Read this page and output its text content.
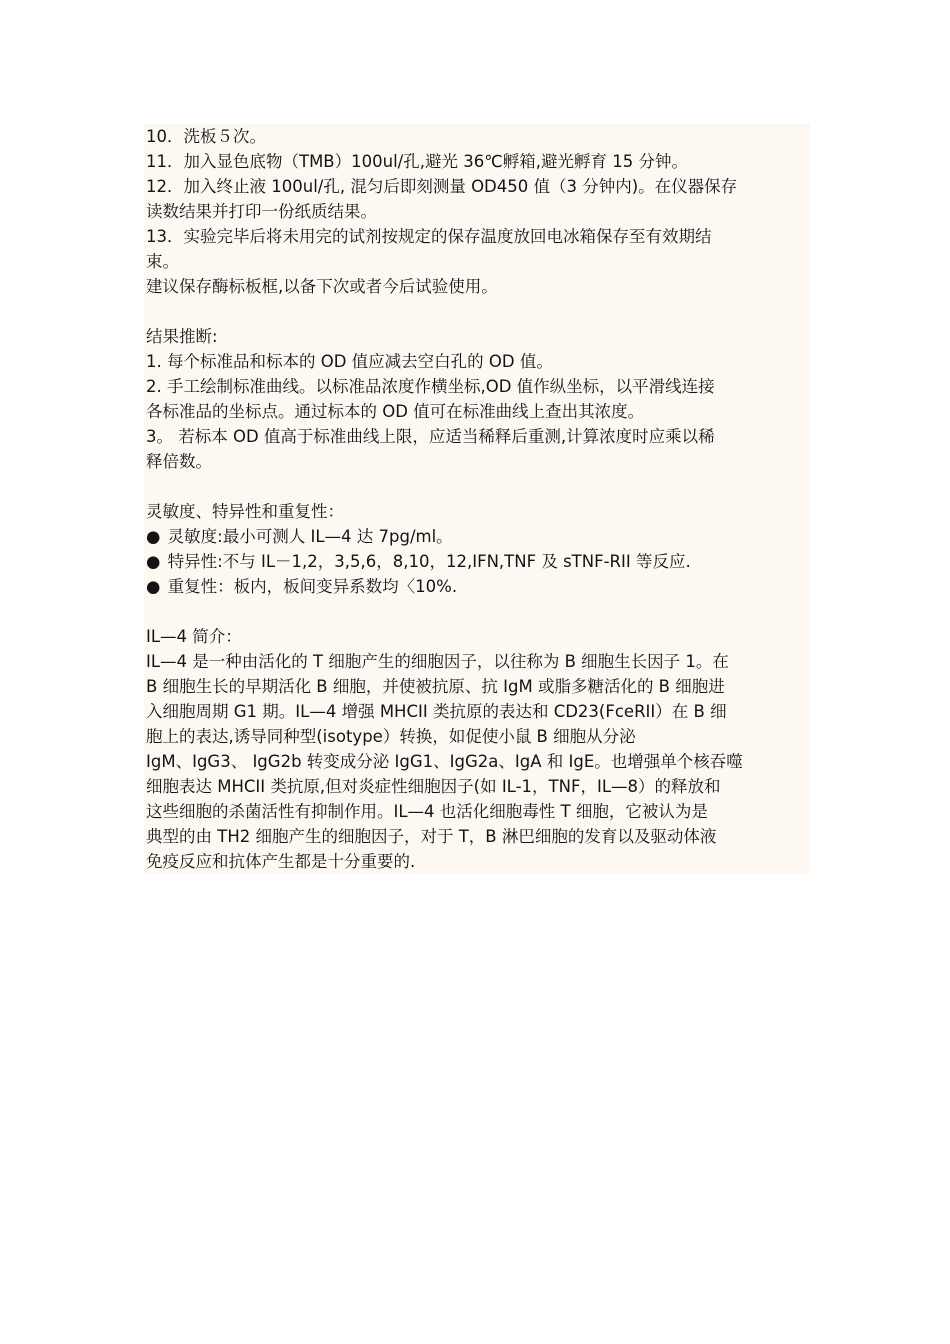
10．洗板５次。
11．加入显色底物（TMB）100ul/孔,避光 36℃孵箱,避光孵育 15 分钟。
12．加入终止液 100ul/孔, 混匀后即刻测量 OD450 值（3 分钟内)。在仪器保存
读数结果并打印一份纸质结果。
13．实验完毕后将未用完的试剂按规定的保存温度放回电冰箱保存至有效期结
束。
建议保存酶标板框,以备下次或者今后试验使用。
结果推断:
1. 每个标准品和标本的 OD 值应减去空白孔的 OD 值。
2. 手工绘制标准曲线。以标准品浓度作横坐标,OD 值作纵坐标，以平滑线连接
各标准品的坐标点。通过标本的 OD 值可在标准曲线上查出其浓度。
3。 若标本 OD 值高于标准曲线上限，应适当稀释后重测,计算浓度时应乘以稀
释倍数。
灵敏度、特异性和重复性：
● 灵敏度:最小可测人 IL—4 达 7pg/ml。
● 特异性:不与 IL－1,2，3,5,6，8,10，12,IFN,TNF 及 sTNF-RII 等反应.
● 重复性：板内，板间变异系数均〈10%.
IL—4 简介：
IL—4 是一种由活化的 T 细胞产生的细胞因子，以往称为 B 细胞生长因子 1。在
B 细胞生长的早期活化 B 细胞，并使被抗原、抗 IgM 或脂多糖活化的 B 细胞进
入细胞周期 G1 期。IL—4 增强 MHCII 类抗原的表达和 CD23(FceRII）在 B 细
胞上的表达,诱导同种型(isotype）转换，如促使小鼠 B 细胞从分泌
IgM、IgG3、 IgG2b 转变成分泌 IgG1、IgG2a、IgA 和 IgE。也增强单个核吞噬
细胞表达 MHCII 类抗原,但对炎症性细胞因子(如 IL-1，TNF，IL—8）的释放和
这些细胞的杀菌活性有抑制作用。IL—4 也活化细胞毒性 T 细胞，它被认为是
典型的由 TH2 细胞产生的细胞因子，对于 T，B 淋巴细胞的发育以及驱动体液
免疫反应和抗体产生都是十分重要的.
